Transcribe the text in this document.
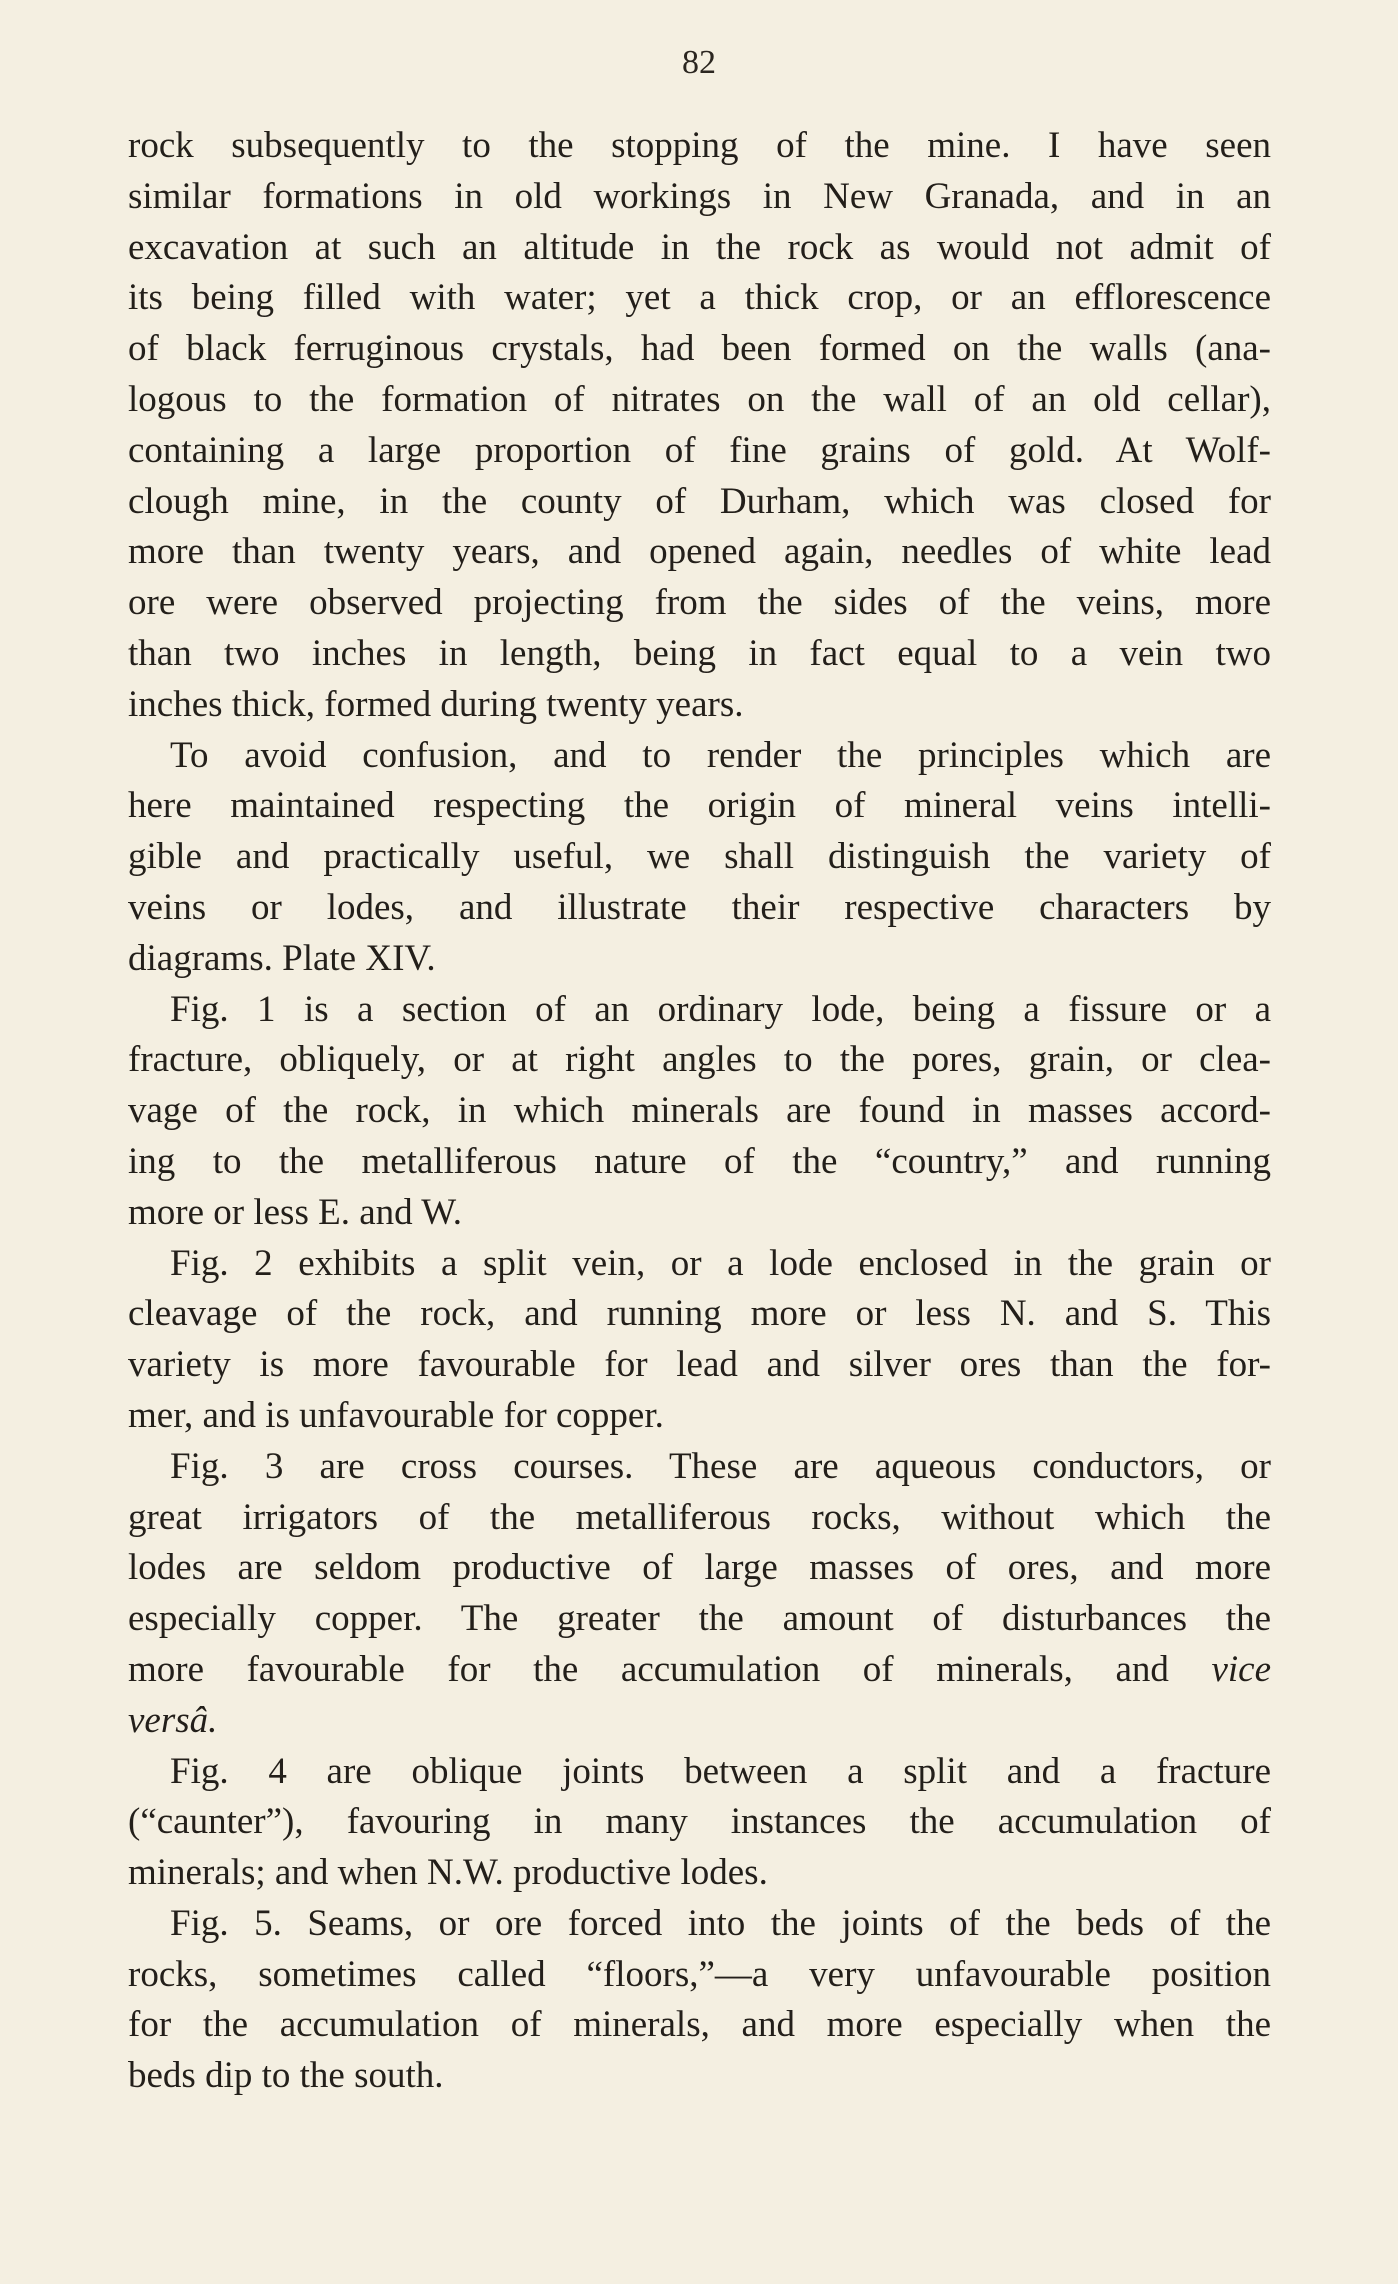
82
rock subsequently to the stopping of the mine. I have seen
similar formations in old workings in New Granada, and in an
excavation at such an altitude in the rock as would not admit of
its being filled with water; yet a thick crop, or an efflorescence
of black ferruginous crystals, had been formed on the walls (ana-
logous to the formation of nitrates on the wall of an old cellar),
containing a large proportion of fine grains of gold. At Wolf-
clough mine, in the county of Durham, which was closed for
more than twenty years, and opened again, needles of white lead
ore were observed projecting from the sides of the veins, more
than two inches in length, being in fact equal to a vein two
inches thick, formed during twenty years.
To avoid confusion, and to render the principles which are
here maintained respecting the origin of mineral veins intelli-
gible and practically useful, we shall distinguish the variety of
veins or lodes, and illustrate their respective characters by
diagrams. Plate XIV.
Fig. 1 is a section of an ordinary lode, being a fissure or a
fracture, obliquely, or at right angles to the pores, grain, or clea-
vage of the rock, in which minerals are found in masses accord-
ing to the metalliferous nature of the “country,” and running
more or less E. and W.
Fig. 2 exhibits a split vein, or a lode enclosed in the grain or
cleavage of the rock, and running more or less N. and S. This
variety is more favourable for lead and silver ores than the for-
mer, and is unfavourable for copper.
Fig. 3 are cross courses. These are aqueous conductors, or
great irrigators of the metalliferous rocks, without which the
lodes are seldom productive of large masses of ores, and more
especially copper. The greater the amount of disturbances the
more favourable for the accumulation of minerals, and vice
versâ.
Fig. 4 are oblique joints between a split and a fracture
(“caunter”), favouring in many instances the accumulation of
minerals; and when N.W. productive lodes.
Fig. 5. Seams, or ore forced into the joints of the beds of the
rocks, sometimes called “floors,”—a very unfavourable position
for the accumulation of minerals, and more especially when the
beds dip to the south.
